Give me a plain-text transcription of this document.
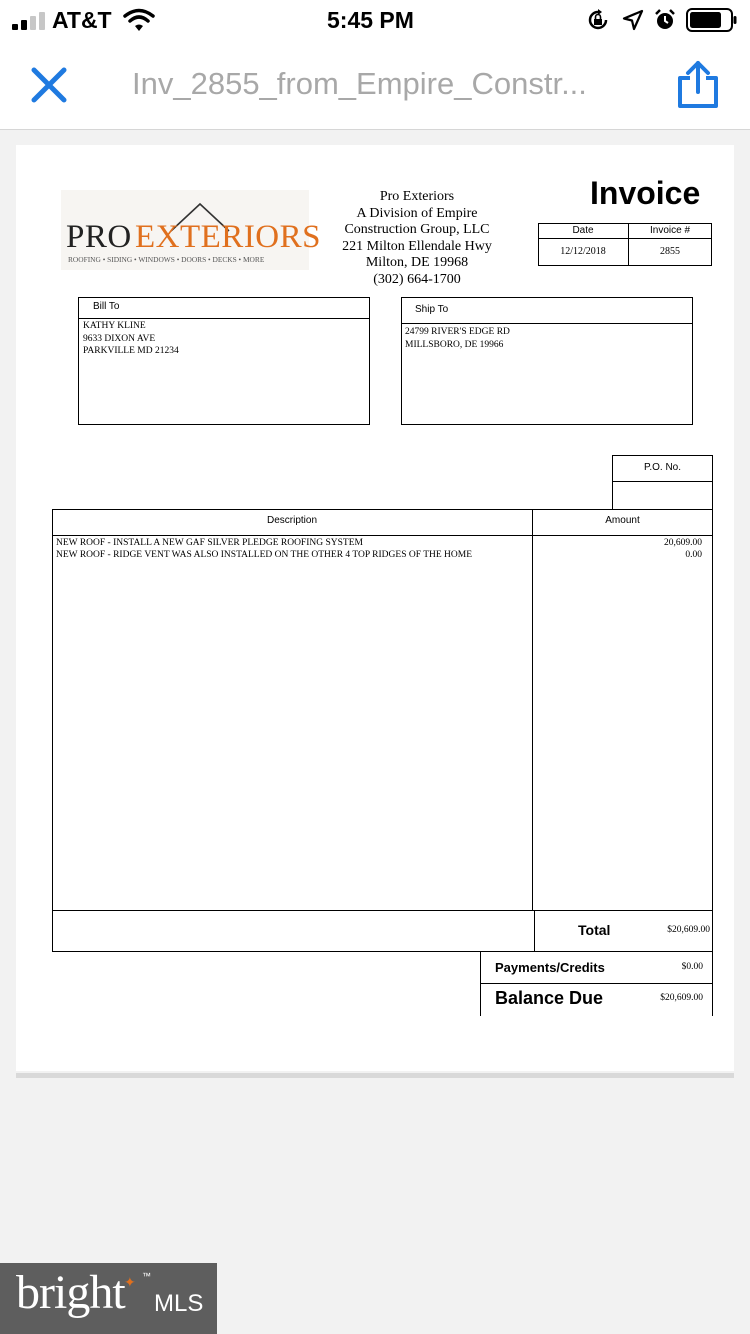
AT&T	5:45 PM
Inv_2855_from_Empire_Constr...
PRO EXTERIORS
ROOFING • SIDING • WINDOWS • DOORS • DECKS • MORE
Pro Exteriors
A Division of Empire
Construction Group, LLC
221 Milton Ellendale Hwy
Milton, DE 19968
(302) 664-1700
Invoice
Date	Invoice #
12/12/2018	2855
Bill To
KATHY KLINE
9633 DIXON AVE
PARKVILLE MD 21234
Ship To
24799 RIVER'S EDGE RD
MILLSBORO, DE 19966
P.O. No.
Description	Amount
NEW ROOF - INSTALL A NEW GAF SILVER PLEDGE ROOFING SYSTEM	20,609.00
NEW ROOF - RIDGE VENT WAS ALSO INSTALLED ON THE OTHER 4 TOP RIDGES OF THE HOME	0.00
Total	$20,609.00
Payments/Credits	$0.00
Balance Due	$20,609.00
bright ✦ ™
MLS
